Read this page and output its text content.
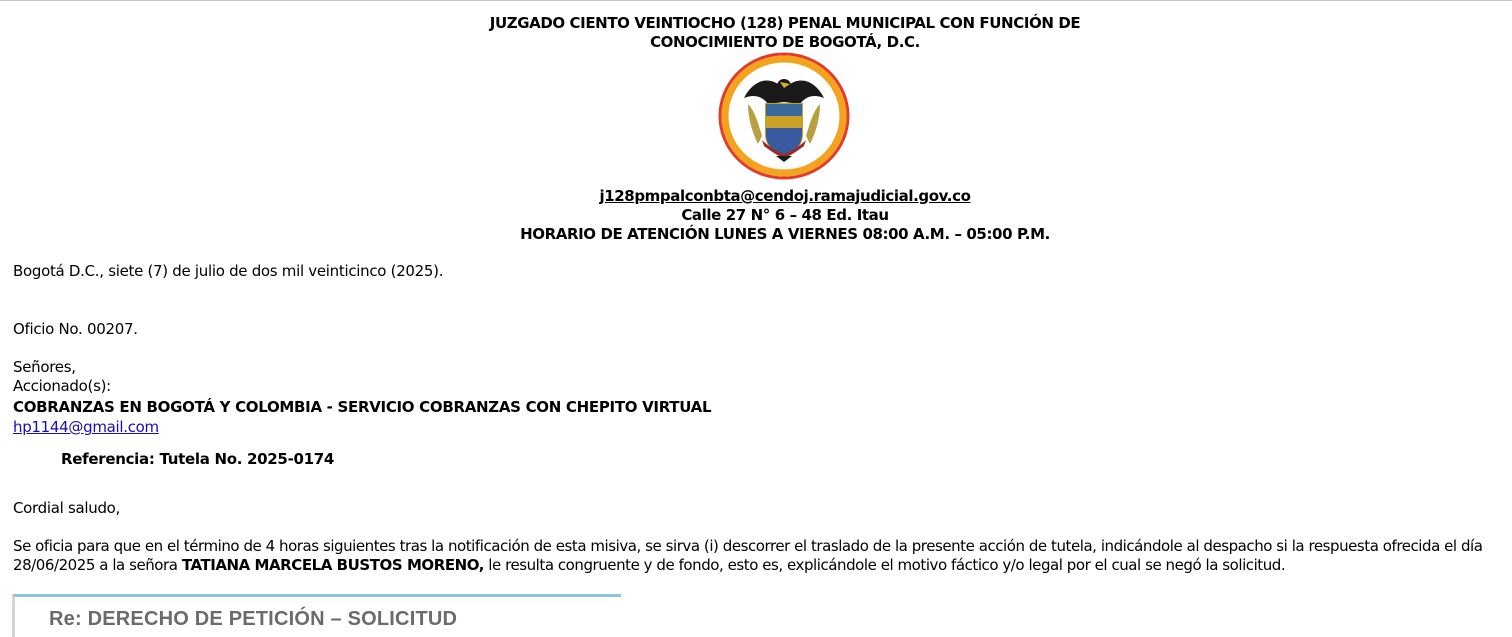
JUZGADO CIENTO VEINTIOCHO (128) PENAL MUNICIPAL CON FUNCIÓN DE
CONOCIMIENTO DE BOGOTÁ, D.C.
j128pmpalconbta@cendoj.ramajudicial.gov.co
Calle 27 N° 6 – 48 Ed. Itau
HORARIO DE ATENCIÓN LUNES A VIERNES 08:00 A.M. – 05:00 P.M.
Bogotá D.C., siete (7) de julio de dos mil veinticinco (2025).
Oficio No. 00207.
Señores,
Accionado(s):
COBRANZAS EN BOGOTÁ Y COLOMBIA - SERVICIO COBRANZAS CON CHEPITO VIRTUAL
hp1144@gmail.com
Referencia: Tutela No. 2025-0174
Cordial saludo,
Se oficia para que en el término de 4 horas siguientes tras la notificación de esta misiva, se sirva (i) descorrer el traslado de la presente acción de tutela, indicándole al despacho si la respuesta ofrecida el día 28/06/2025 a la señora TATIANA MARCELA BUSTOS MORENO, le resulta congruente y de fondo, esto es, explicándole el motivo fáctico y/o legal por el cual se negó la solicitud.
Re: DERECHO DE PETICIÓN – SOLICITUD
